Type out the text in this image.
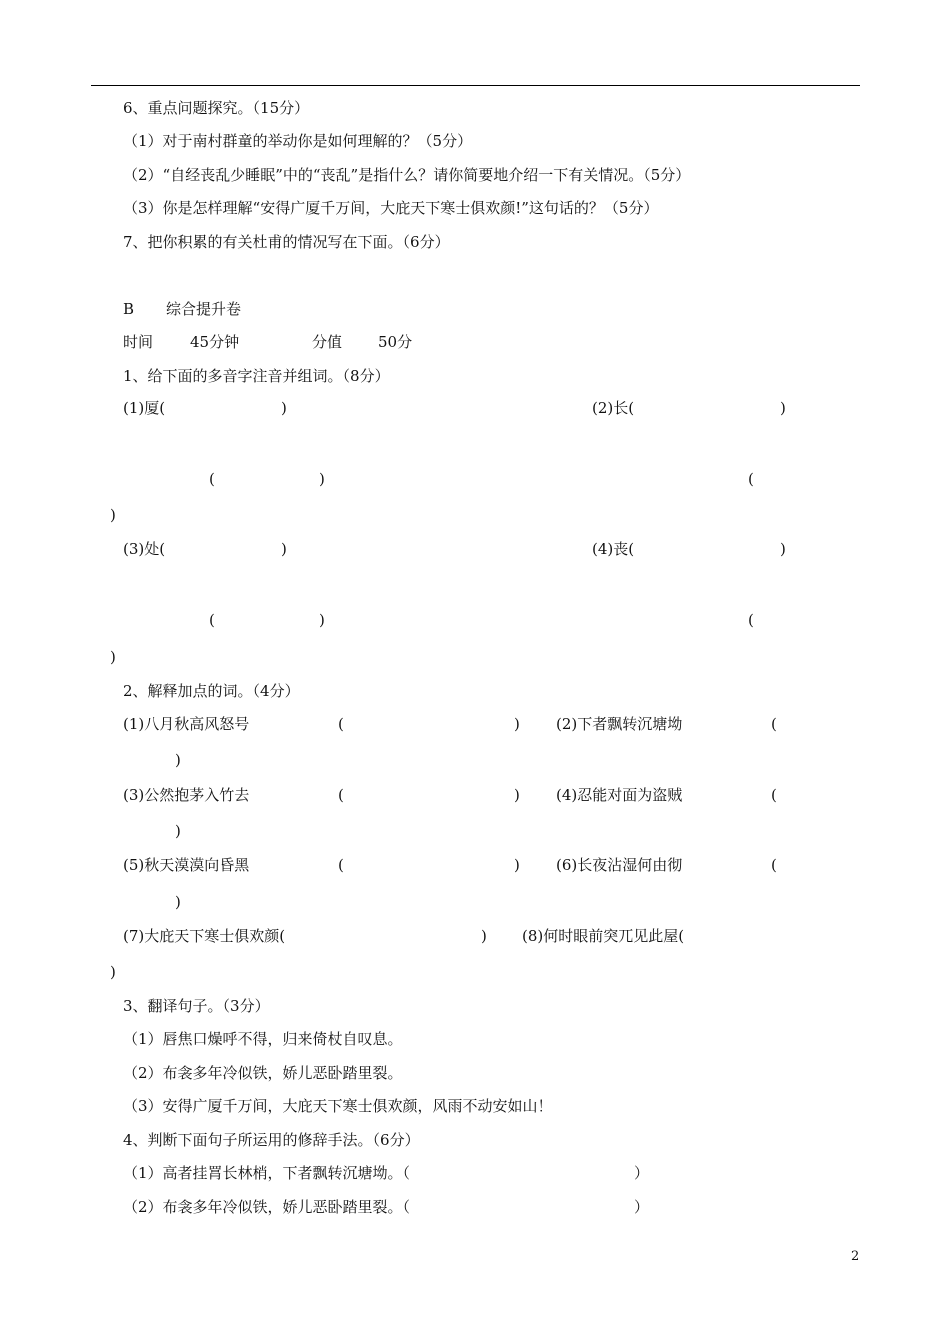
6、重点问题探究。（15分）
（1）对于南村群童的举动你是如何理解的？（5分）
（2）“自经丧乱少睡眠”中的“丧乱”是指什么？请你简要地介绍一下有关情况。（5分）
（3）你是怎样理解“安得广厦千万间，大庇天下寒士俱欢颜!”这句话的？（5分）
7、把你积累的有关杜甫的情况写在下面。（6分）
B 综合提升卷
时间 45分钟	分值 50分
1、给下面的多音字注音并组词。（8分）
(1)厦(	)	(2)长(	)
(	)	(
)
(3)处(	)	(4)丧(	)
(	)	(
)
2、解释加点的词。（4分）
(1)八月秋高风怒号	(	) (2)下者飘转沉塘坳	(
)
(3)公然抱茅入竹去	(	) (4)忍能对面为盗贼	(
)
(5)秋天漠漠向昏黑	(	) (6)长夜沾湿何由彻	(
)
(7)大庇天下寒士俱欢颜(	) (8)何时眼前突兀见此屋(
)
3、翻译句子。（3分）
（1）唇焦口燥呼不得，归来倚杖自叹息。
（2）布衾多年冷似铁，娇儿恶卧踏里裂。
（3）安得广厦千万间，大庇天下寒士俱欢颜，风雨不动安如山！
4、判断下面句子所运用的修辞手法。（6分）
（1）高者挂罥长林梢，下者飘转沉塘坳。（	）
（2）布衾多年冷似铁，娇儿恶卧踏里裂。（	）
2
